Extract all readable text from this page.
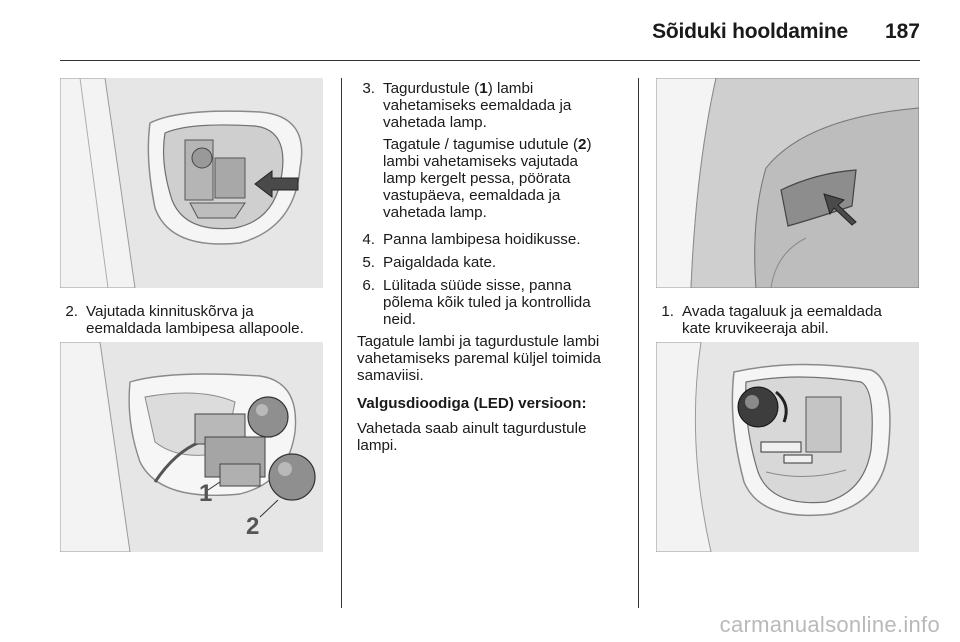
Sõiduki hooldamine	187
2. Vajutada kinnituskõrva ja
eemaldada lambipesa allapoole.
1
2
3. Tagurdustule (1) lambi
vahetamiseks eemaldada ja
vahetada lamp.
Tagatule / tagumise udutule (2)
lambi vahetamiseks vajutada
lamp kergelt pessa, pöörata
vastupäeva, eemaldada ja
vahetada lamp.
4. Panna lambipesa hoidikusse.
5. Paigaldada kate.
6. Lülitada süüde sisse, panna
põlema kõik tuled ja kontrollida
neid.
Tagatule lambi ja tagurdustule lambi
vahetamiseks paremal küljel toimida
samaviisi.
Valgusdioodiga (LED) versioon:
Vahetada saab ainult tagurdustule
lampi.
1. Avada tagaluuk ja eemaldada
kate kruvikeeraja abil.
carmanualsonline.info
